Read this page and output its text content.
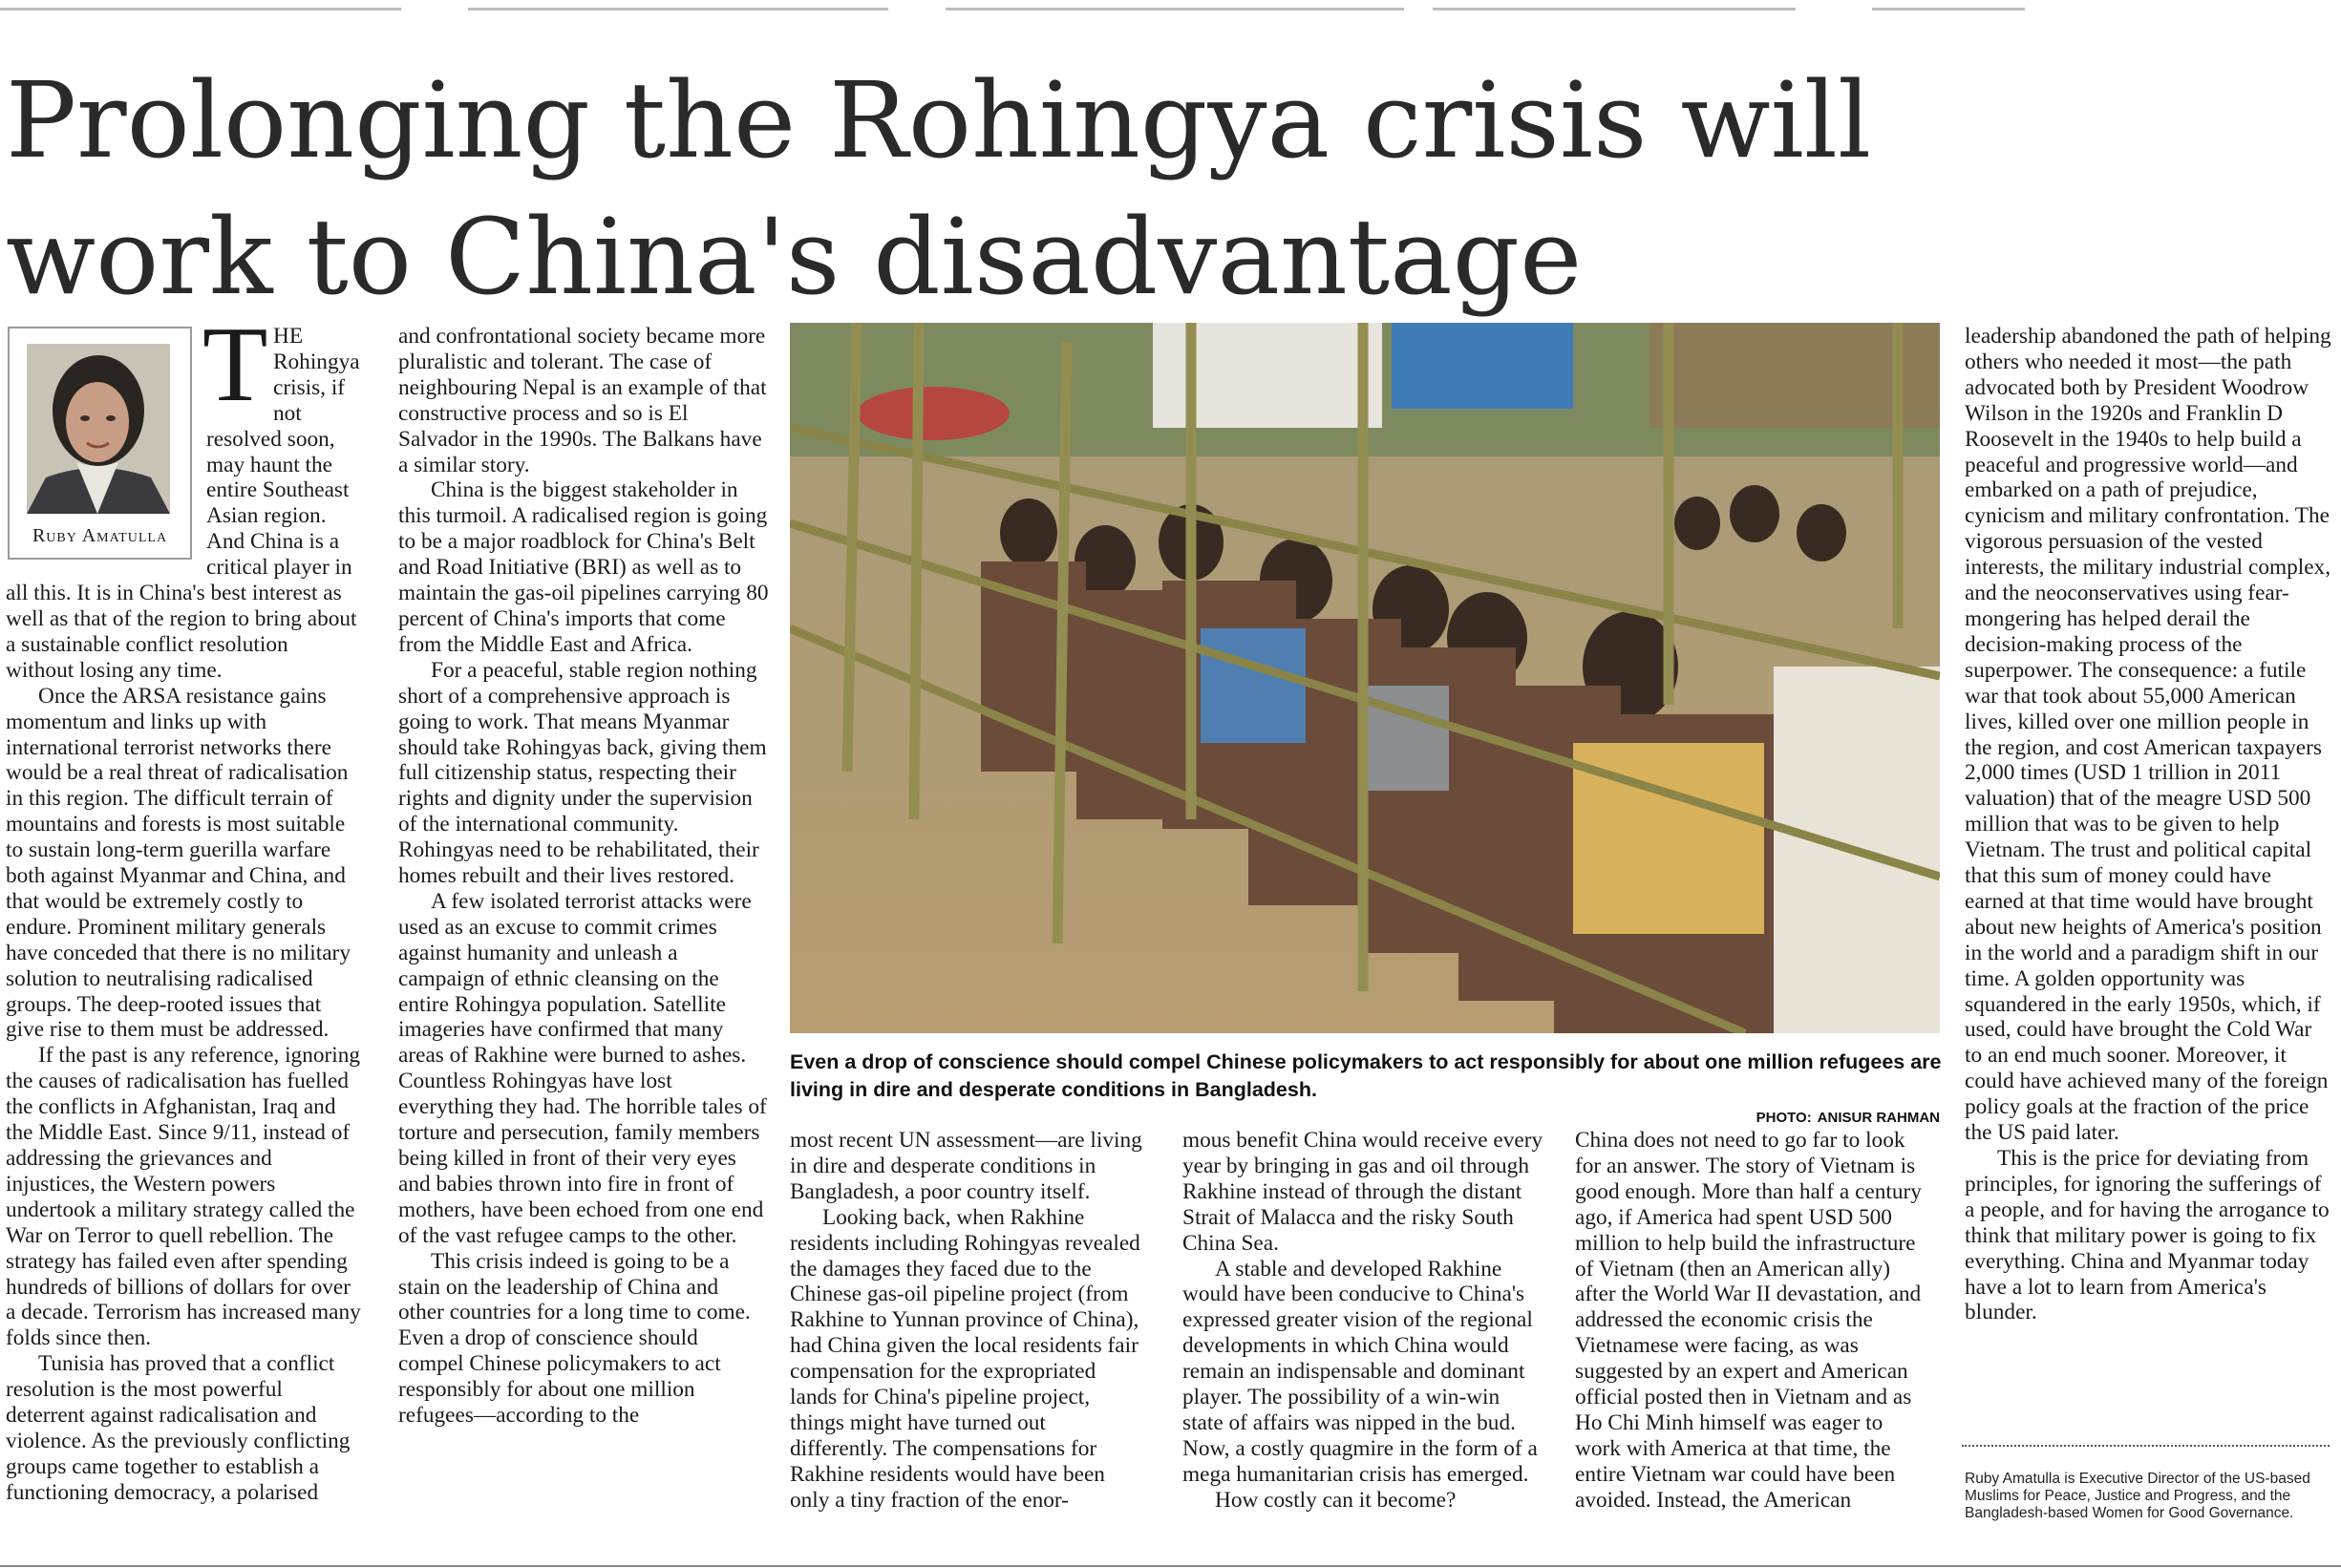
Prolonging the Rohingya crisis will work to China's disadvantage
Ruby Amatulla
T HE Rohingya crisis, if not resolved soon, may haunt the entire Southeast Asian region. And China is a critical player in all this. It is in China's best interest as well as that of the region to bring about a sustainable conflict resolution without losing any time.

Once the ARSA resistance gains momentum and links up with international terrorist networks there would be a real threat of radicalisation in this region. The difficult terrain of mountains and forests is most suitable to sustain long-term guerilla warfare both against Myanmar and China, and that would be extremely costly to endure. Prominent military generals have conceded that there is no military solution to neutralising radicalised groups. The deep-rooted issues that give rise to them must be addressed.

If the past is any reference, ignoring the causes of radicalisation has fuelled the conflicts in Afghanistan, Iraq and the Middle East. Since 9/11, instead of addressing the grievances and injustices, the Western powers undertook a military strategy called the War on Terror to quell rebellion. The strategy has failed even after spending hundreds of billions of dollars for over a decade. Terrorism has increased many folds since then.

Tunisia has proved that a conflict resolution is the most powerful deterrent against radicalisation and violence. As the previously conflicting groups came together to establish a functioning democracy, a polarised

and confrontational society became more pluralistic and tolerant. The case of neighbouring Nepal is an example of that constructive process and so is El Salvador in the 1990s. The Balkans have a similar story.

China is the biggest stakeholder in this turmoil. A radicalised region is going to be a major roadblock for China's Belt and Road Initiative (BRI) as well as to maintain the gas-oil pipelines carrying 80 percent of China's imports that come from the Middle East and Africa.

For a peaceful, stable region nothing short of a comprehensive approach is going to work. That means Myanmar should take Rohingyas back, giving them full citizenship status, respecting their rights and dignity under the supervision of the international community. Rohingyas need to be rehabilitated, their homes rebuilt and their lives restored.

A few isolated terrorist attacks were used as an excuse to commit crimes against humanity and unleash a campaign of ethnic cleansing on the entire Rohingya population. Satellite imageries have confirmed that many areas of Rakhine were burned to ashes. Countless Rohingyas have lost everything they had. The horrible tales of torture and persecution, family members being killed in front of their very eyes and babies thrown into fire in front of mothers, have been echoed from one end of the vast refugee camps to the other.

This crisis indeed is going to be a stain on the leadership of China and other countries for a long time to come. Even a drop of conscience should compel Chinese policymakers to act responsibly for about one million refugees—according to the

Even a drop of conscience should compel Chinese policymakers to act responsibly for about one million refugees are living in dire and desperate conditions in Bangladesh.
PHOTO: ANISUR RAHMAN

most recent UN assessment—are living in dire and desperate conditions in Bangladesh, a poor country itself.

Looking back, when Rakhine residents including Rohingyas revealed the damages they faced due to the Chinese gas-oil pipeline project (from Rakhine to Yunnan province of China), had China given the local residents fair compensation for the expropriated lands for China's pipeline project, things might have turned out differently. The compensations for Rakhine residents would have been only a tiny fraction of the enor-

mous benefit China would receive every year by bringing in gas and oil through Rakhine instead of through the distant Strait of Malacca and the risky South China Sea.

A stable and developed Rakhine would have been conducive to China's expressed greater vision of the regional developments in which China would remain an indispensable and dominant player. The possibility of a win-win state of affairs was nipped in the bud. Now, a costly quagmire in the form of a mega humanitarian crisis has emerged.

How costly can it become?

China does not need to go far to look for an answer. The story of Vietnam is good enough. More than half a century ago, if America had spent USD 500 million to help build the infrastructure of Vietnam (then an American ally) after the World War II devastation, and addressed the economic crisis the Vietnamese were facing, as was suggested by an expert and American official posted then in Vietnam and as Ho Chi Minh himself was eager to work with America at that time, the entire Vietnam war could have been avoided. Instead, the American

leadership abandoned the path of helping others who needed it most—the path advocated both by President Woodrow Wilson in the 1920s and Franklin D Roosevelt in the 1940s to help build a peaceful and progressive world—and embarked on a path of prejudice, cynicism and military confrontation. The vigorous persuasion of the vested interests, the military industrial complex, and the neoconservatives using fear-mongering has helped derail the decision-making process of the superpower. The consequence: a futile war that took about 55,000 American lives, killed over one million people in the region, and cost American taxpayers 2,000 times (USD 1 trillion in 2011 valuation) that of the meagre USD 500 million that was to be given to help Vietnam. The trust and political capital that this sum of money could have earned at that time would have brought about new heights of America's position in the world and a paradigm shift in our time. A golden opportunity was squandered in the early 1950s, which, if used, could have brought the Cold War to an end much sooner. Moreover, it could have achieved many of the foreign policy goals at the fraction of the price the US paid later.

This is the price for deviating from principles, for ignoring the sufferings of a people, and for having the arrogance to think that military power is going to fix everything. China and Myanmar today have a lot to learn from America's blunder.

Ruby Amatulla is Executive Director of the US-based Muslims for Peace, Justice and Progress, and the Bangladesh-based Women for Good Governance.
